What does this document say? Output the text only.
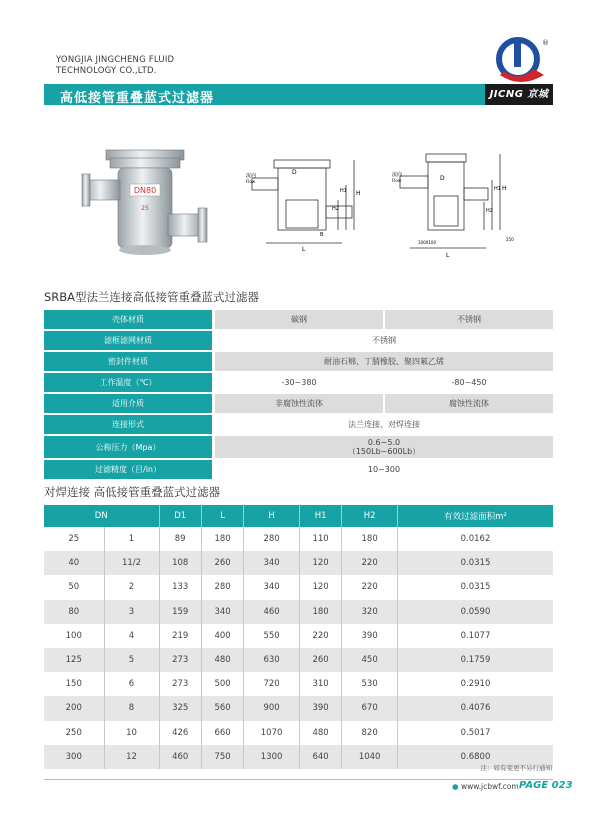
YONGJIA JINGCHENG FLUID
TECHNOLOGY CO.,LTD.
®
高低接管重叠蓝式过滤器	JICNG 京城
DN80
25
流向
Flow
D
H
H1
H2
B
L
流向
Flow	D
H
H1
H2
100X100
250
L
SRBA型法兰连接高低接管重叠蓝式过滤器
壳体材质	碳钢	不锈钢
滤框滤网材质	不锈钢
密封件材质	耐油石棉、丁腈橡胶、聚四氟乙烯
工作温度（℃）	-30~380	-80~450
适用介质	非腐蚀性流体	腐蚀性流体
连接形式	法兰连接、对焊连接
公称压力（Mpa）	0.6~5.0
（150Lb~600Lb）
过滤精度（目/in）	10~300
对焊连接 高低接管重叠蓝式过滤器
DN		D1	L	H	H1	H2	有效过滤面积m²
25	1	89	180	280	110	180	0.0162
40	11/2	108	260	340	120	220	0.0315
50	2	133	280	340	120	220	0.0315
80	3	159	340	460	180	320	0.0590
100	4	219	400	550	220	390	0.1077
125	5	273	480	630	260	450	0.1759
150	6	273	500	720	310	530	0.2910
200	8	325	560	900	390	670	0.4076
250	10	426	660	1070	480	820	0.5017
300	12	460	750	1300	640	1040	0.6800
注：如有变更不另行通知
● www.jcbwf.com PAGE 023
